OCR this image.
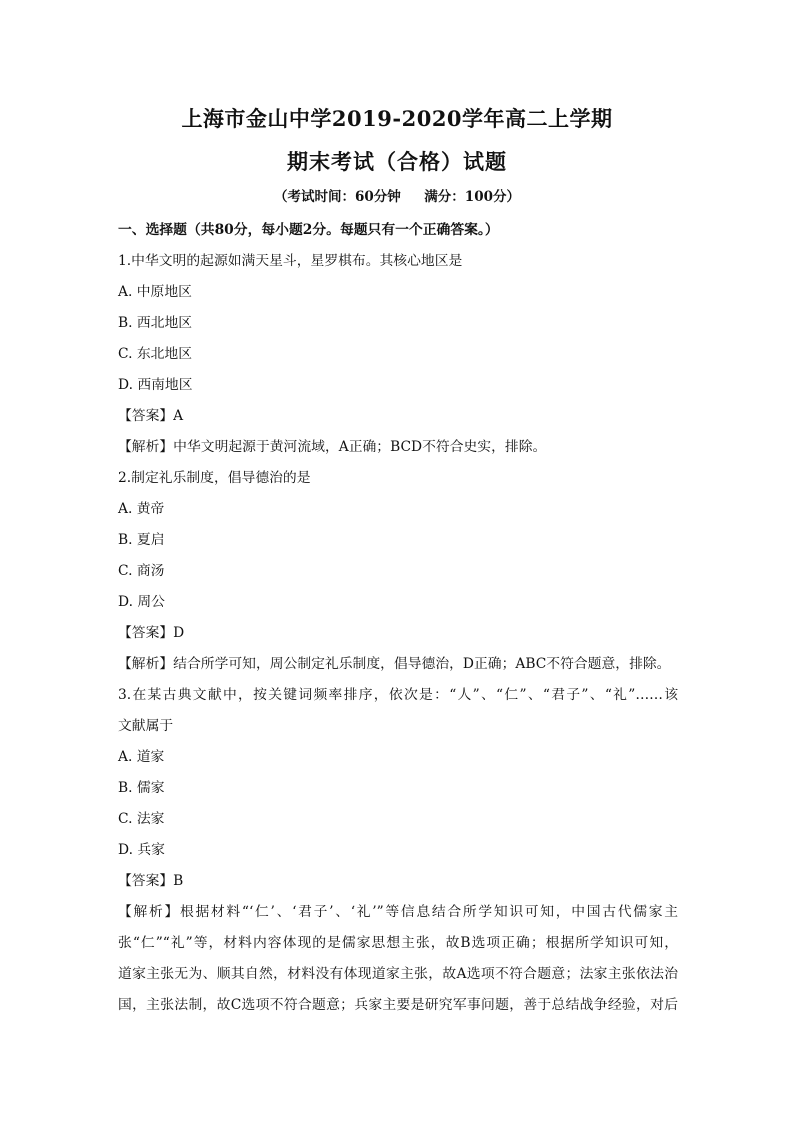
上海市金山中学2019-2020学年高二上学期
期末考试（合格）试题
（考试时间：60分钟     满分：100分）
一、选择题（共80分，每小题2分。每题只有一个正确答案。）
1.中华文明的起源如满天星斗，星罗棋布。其核心地区是
A. 中原地区
B. 西北地区
C. 东北地区
D. 西南地区
【答案】A
【解析】中华文明起源于黄河流域，A正确；BCD不符合史实，排除。
2.制定礼乐制度，倡导德治的是
A. 黄帝
B. 夏启
C. 商汤
D. 周公
【答案】D
【解析】结合所学可知，周公制定礼乐制度，倡导德治，D正确；ABC不符合题意，排除。
3.在某古典文献中，按关键词频率排序，依次是：“人”、“仁”、“君子”、“礼”……该
文献属于
A. 道家
B. 儒家
C. 法家
D. 兵家
【答案】B
【解析】根据材料“‘仁’、‘君子’、‘礼’”等信息结合所学知识可知，中国古代儒家主
张“仁”“礼”等，材料内容体现的是儒家思想主张，故B选项正确；根据所学知识可知，
道家主张无为、顺其自然，材料没有体现道家主张，故A选项不符合题意；法家主张依法治
国，主张法制，故C选项不符合题意；兵家主要是研究军事问题，善于总结战争经验，对后
